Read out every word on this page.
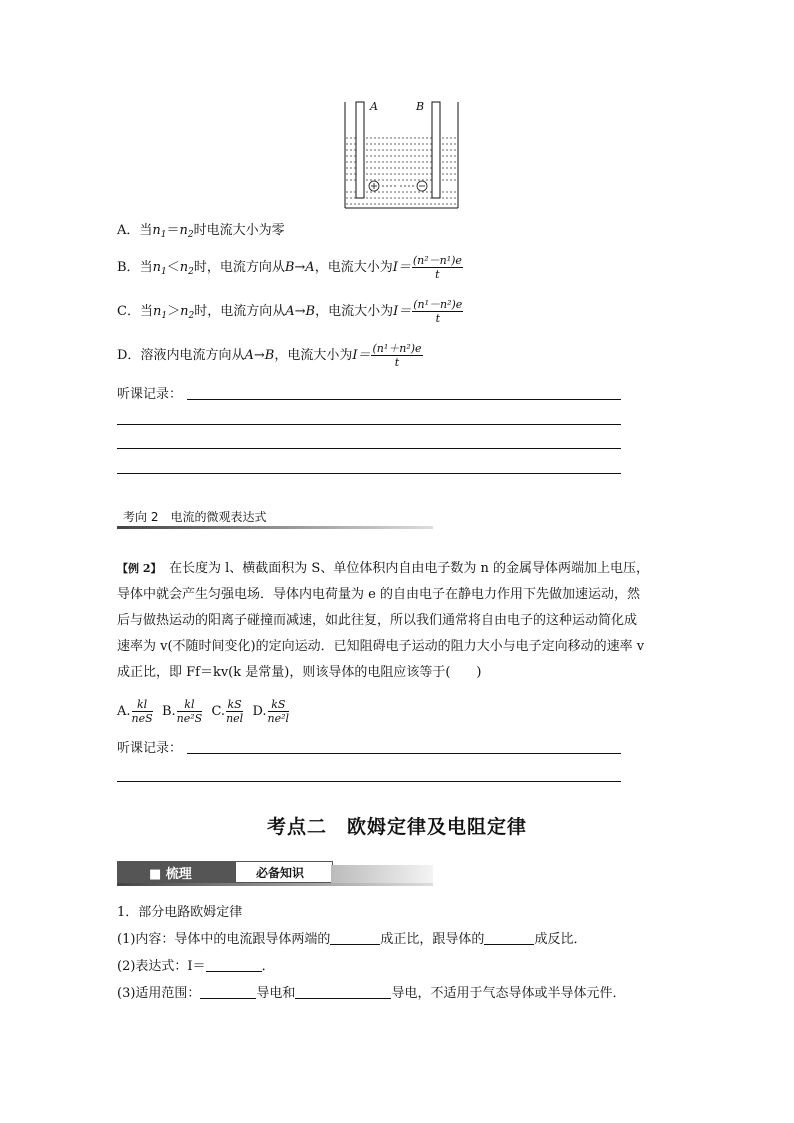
A	B
A．当$n_1=n_2$时电流大小为零
B．当$n_1<n_2$时，电流方向从B→A，电流大小为$I= \frac{\text{(n²－n¹)e}}{t}$
C．当$n_1>n_2$时，电流方向从A→B，电流大小为$I= \frac{\text{(n¹－n²)e}}{t}$
D．溶液内电流方向从A→B，电流大小为$I= \frac{\text{(n¹＋n²)e}}{t}$
听课记录：
考向 2　电流的微观表达式
【例 2】　 在长度为 l、横截面积为 S、单位体积内自由电子数为 n 的金属导体两端加上电压，
导体中就会产生匀强电场．导体内电荷量为 e 的自由电子在静电力作用下先做加速运动，然
后与做热运动的阳离子碰撞而减速，如此往复，所以我们通常将自由电子的这种运动简化成
速率为 v(不随时间变化)的定向运动．已知阻碍电子运动的阻力大小与电子定向移动的速率 v
成正比，即 Ff＝kv(k 是常量)，则该导体的电阻应该等于(　　)
A. $\frac{kl}{\text{neS}} B$. $\frac{kl}{\text{ne²S}} C$. $\frac{kS}{\text{nel}} D$. $\frac{kS}{\text{ne²l}}$
听课记录：
考点二　欧姆定律及电阻定律
■ 梳理	必备知识
1．部分电路欧姆定律
(1)内容：导体中的电流跟导体两端的	成正比，跟导体的	成反比．
(2)表达式：I＝	．
(3)适用范围：	导电和	导电，不适用于气态导体或半导体元件．
